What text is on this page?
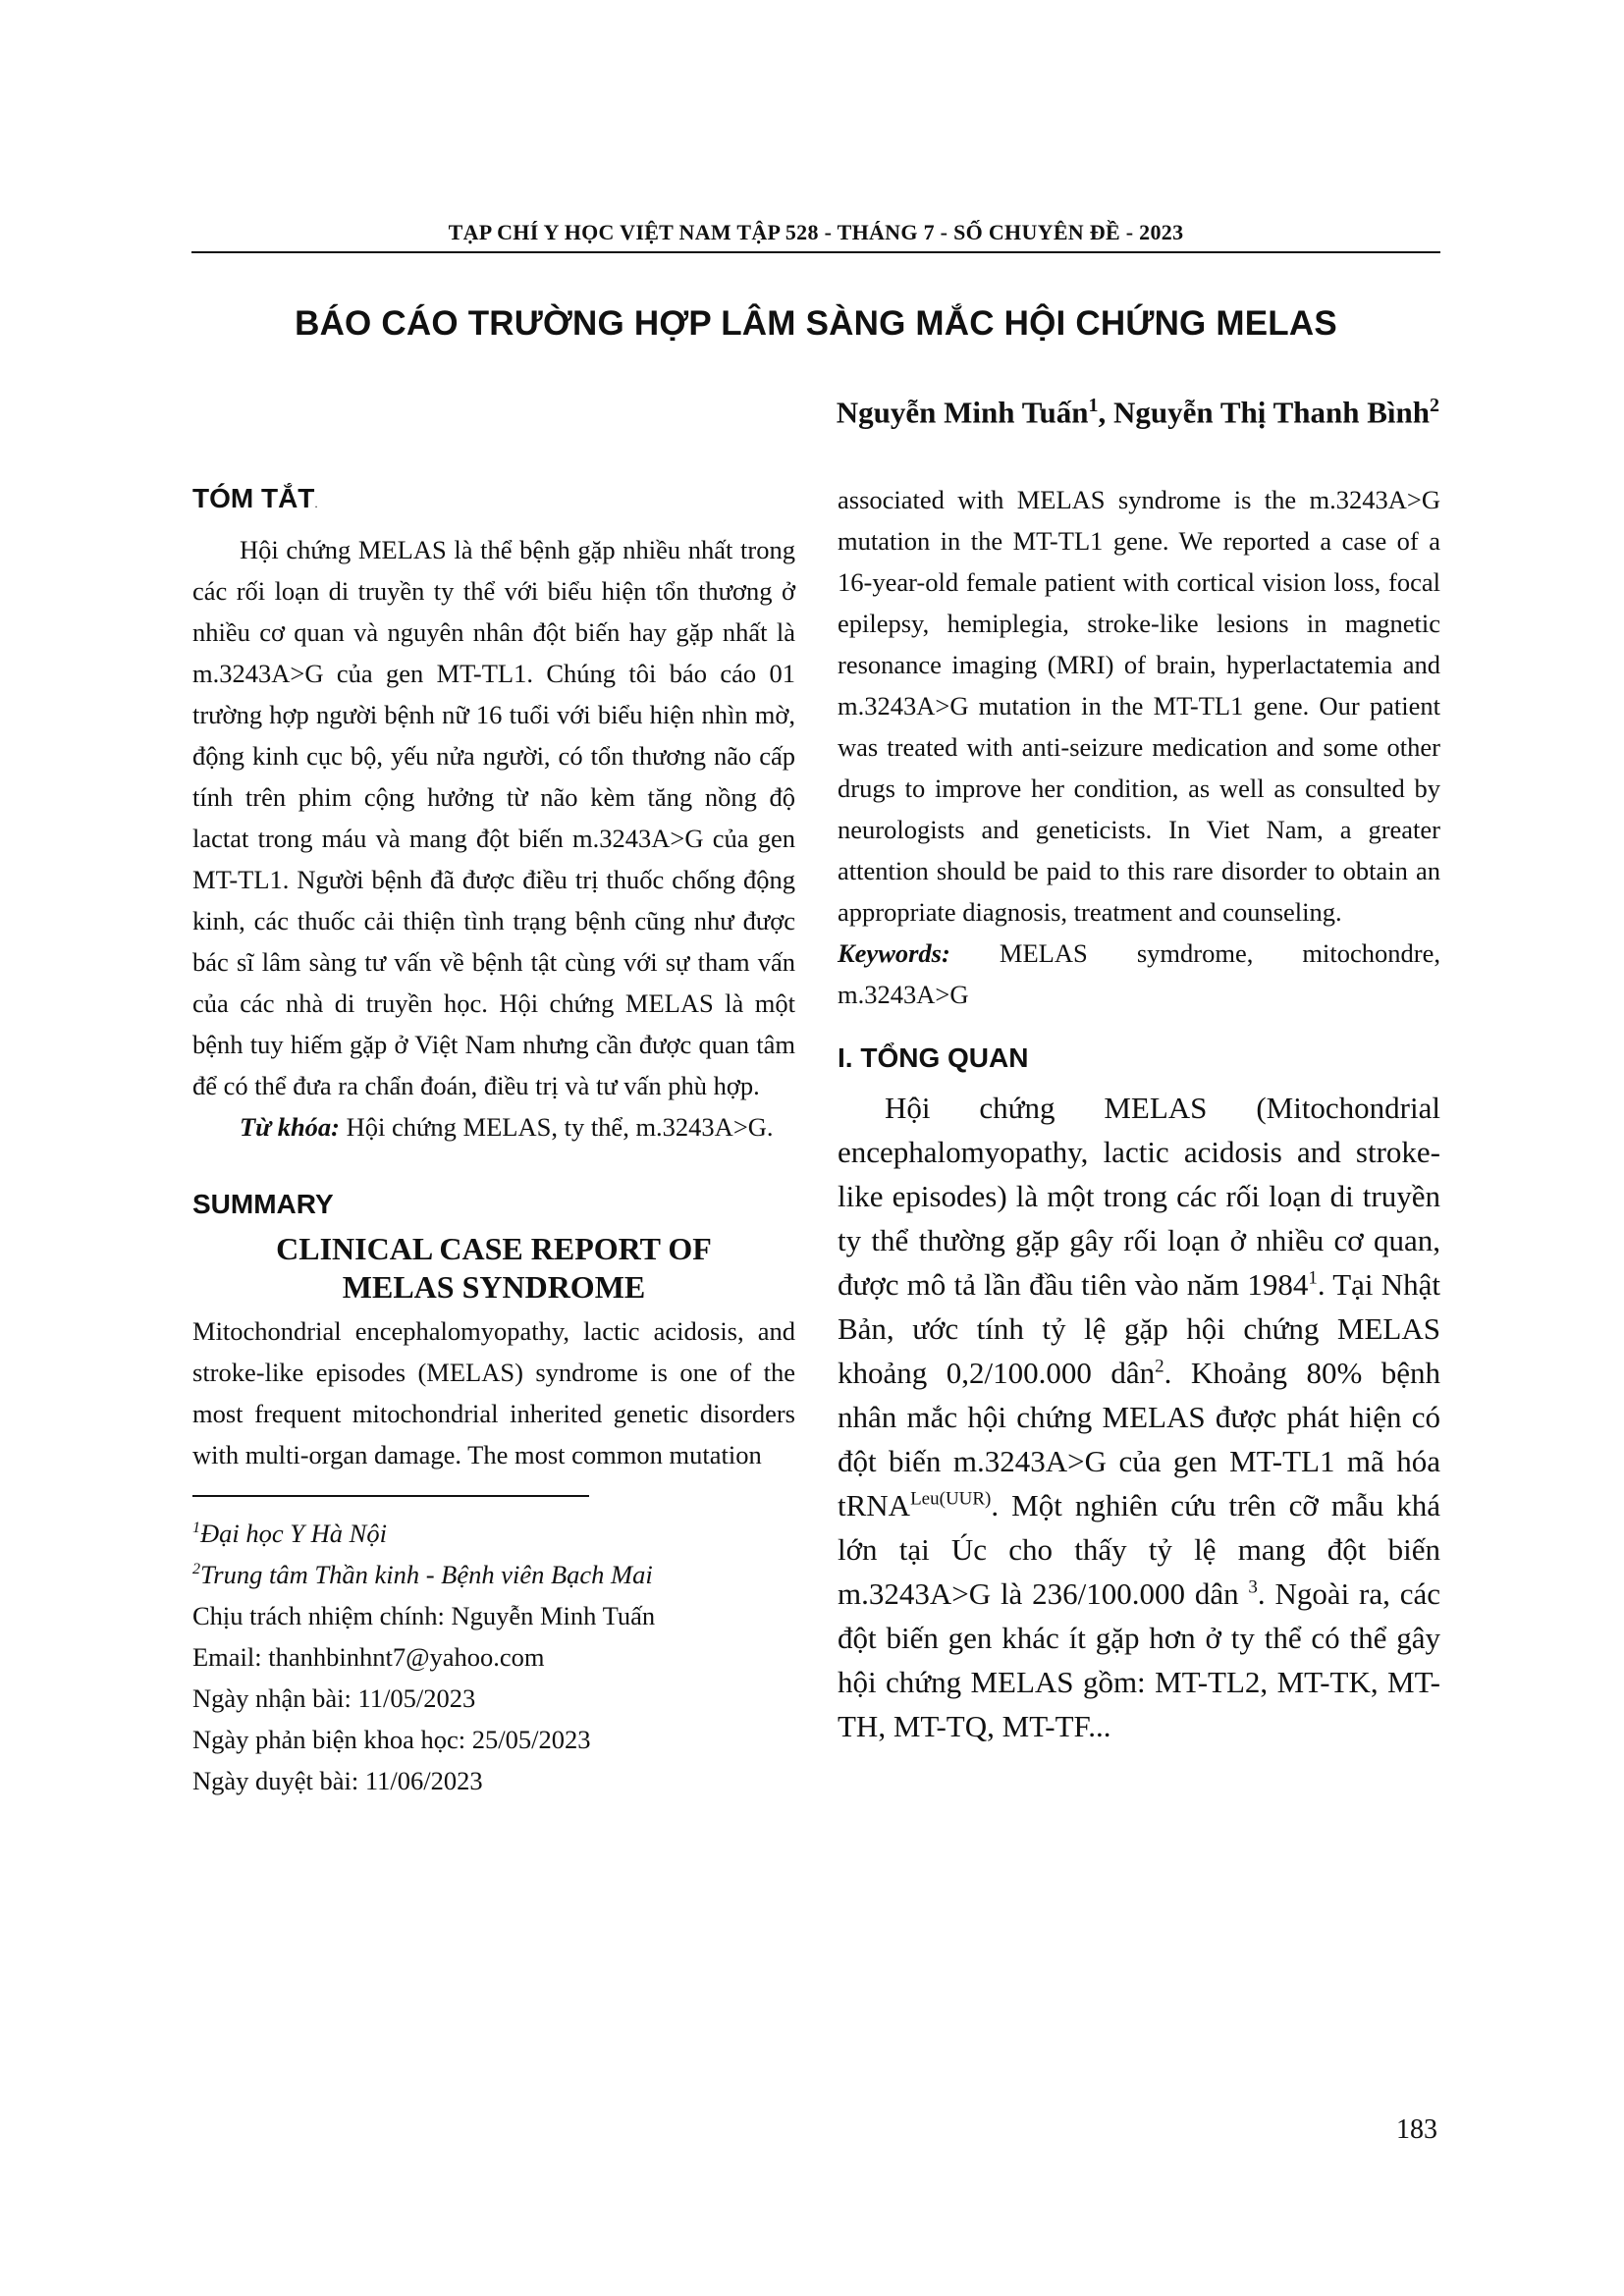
TẠP CHÍ Y HỌC VIỆT NAM TẬP 528 - THÁNG 7 - SỐ CHUYÊN ĐỀ - 2023
BÁO CÁO TRƯỜNG HỢP LÂM SÀNG MẮC HỘI CHỨNG MELAS
Nguyễn Minh Tuấn$^1$, Nguyễn Thị Thanh Bình$^2$
TÓM TẮT.

Hội chứng MELAS là thể bệnh gặp nhiều nhất trong các rối loạn di truyền ty thể với biểu hiện tổn thương ở nhiều cơ quan và nguyên nhân đột biến hay gặp nhất là m.3243A>G của gen MT-TL1. Chúng tôi báo cáo 01 trường hợp người bệnh nữ 16 tuổi với biểu hiện nhìn mờ, động kinh cục bộ, yếu nửa người, có tổn thương não cấp tính trên phim cộng hưởng từ não kèm tăng nồng độ lactat trong máu và mang đột biến m.3243A>G của gen MT-TL1. Người bệnh đã được điều trị thuốc chống động kinh, các thuốc cải thiện tình trạng bệnh cũng như được bác sĩ lâm sàng tư vấn về bệnh tật cùng với sự tham vấn của các nhà di truyền học. Hội chứng MELAS là một bệnh tuy hiếm gặp ở Việt Nam nhưng cần được quan tâm để có thể đưa ra chẩn đoán, điều trị và tư vấn phù hợp.

Từ khóa: Hội chứng MELAS, ty thể, m.3243A>G.

SUMMARY
CLINICAL CASE REPORT OF
MELAS SYNDROME

Mitochondrial encephalomyopathy, lactic acidosis, and stroke-like episodes (MELAS) syndrome is one of the most frequent mitochondrial inherited genetic disorders with multi-organ damage. The most common mutation

$^1$Đại học Y Hà Nội

$^2$Trung tâm Thần kinh - Bệnh viên Bạch Mai

Chịu trách nhiệm chính: Nguyễn Minh Tuấn

Email: thanhbinhnt7@yahoo.com

Ngày nhận bài: 11/05/2023

Ngày phản biện khoa học: 25/05/2023

Ngày duyệt bài: 11/06/2023

associated with MELAS syndrome is the m.3243A>G mutation in the MT-TL1 gene. We reported a case of a 16-year-old female patient with cortical vision loss, focal epilepsy, hemiplegia, stroke-like lesions in magnetic resonance imaging (MRI) of brain, hyperlactatemia and m.3243A>G mutation in the MT-TL1 gene. Our patient was treated with anti-seizure medication and some other drugs to improve her condition, as well as consulted by neurologists and geneticists. In Viet Nam, a greater attention should be paid to this rare disorder to obtain an appropriate diagnosis, treatment and counseling.

Keywords: MELAS symdrome, mitochondre, m.3243A>G

I. TỔNG QUAN

Hội chứng MELAS (Mitochondrial encephalomyopathy, lactic acidosis and stroke-like episodes) là một trong các rối loạn di truyền ty thể thường gặp gây rối loạn ở nhiều cơ quan, được mô tả lần đầu tiên vào năm 1984$^1$. Tại Nhật Bản, ước tính tỷ lệ gặp hội chứng MELAS khoảng 0,2/100.000 dân$^2$. Khoảng 80% bệnh nhân mắc hội chứng MELAS được phát hiện có đột biến m.3243A>G của gen MT-TL1 mã hóa tRNA$^{Leu(UUR)}$. Một nghiên cứu trên cỡ mẫu khá lớn tại Úc cho thấy tỷ lệ mang đột biến m.3243A>G là 236/100.000 dân $^3$. Ngoài ra, các đột biến gen khác ít gặp hơn ở ty thể có thể gây hội chứng MELAS gồm: MT-TL2, MT-TK, MT-TH, MT-TQ, MT-TF...

183
